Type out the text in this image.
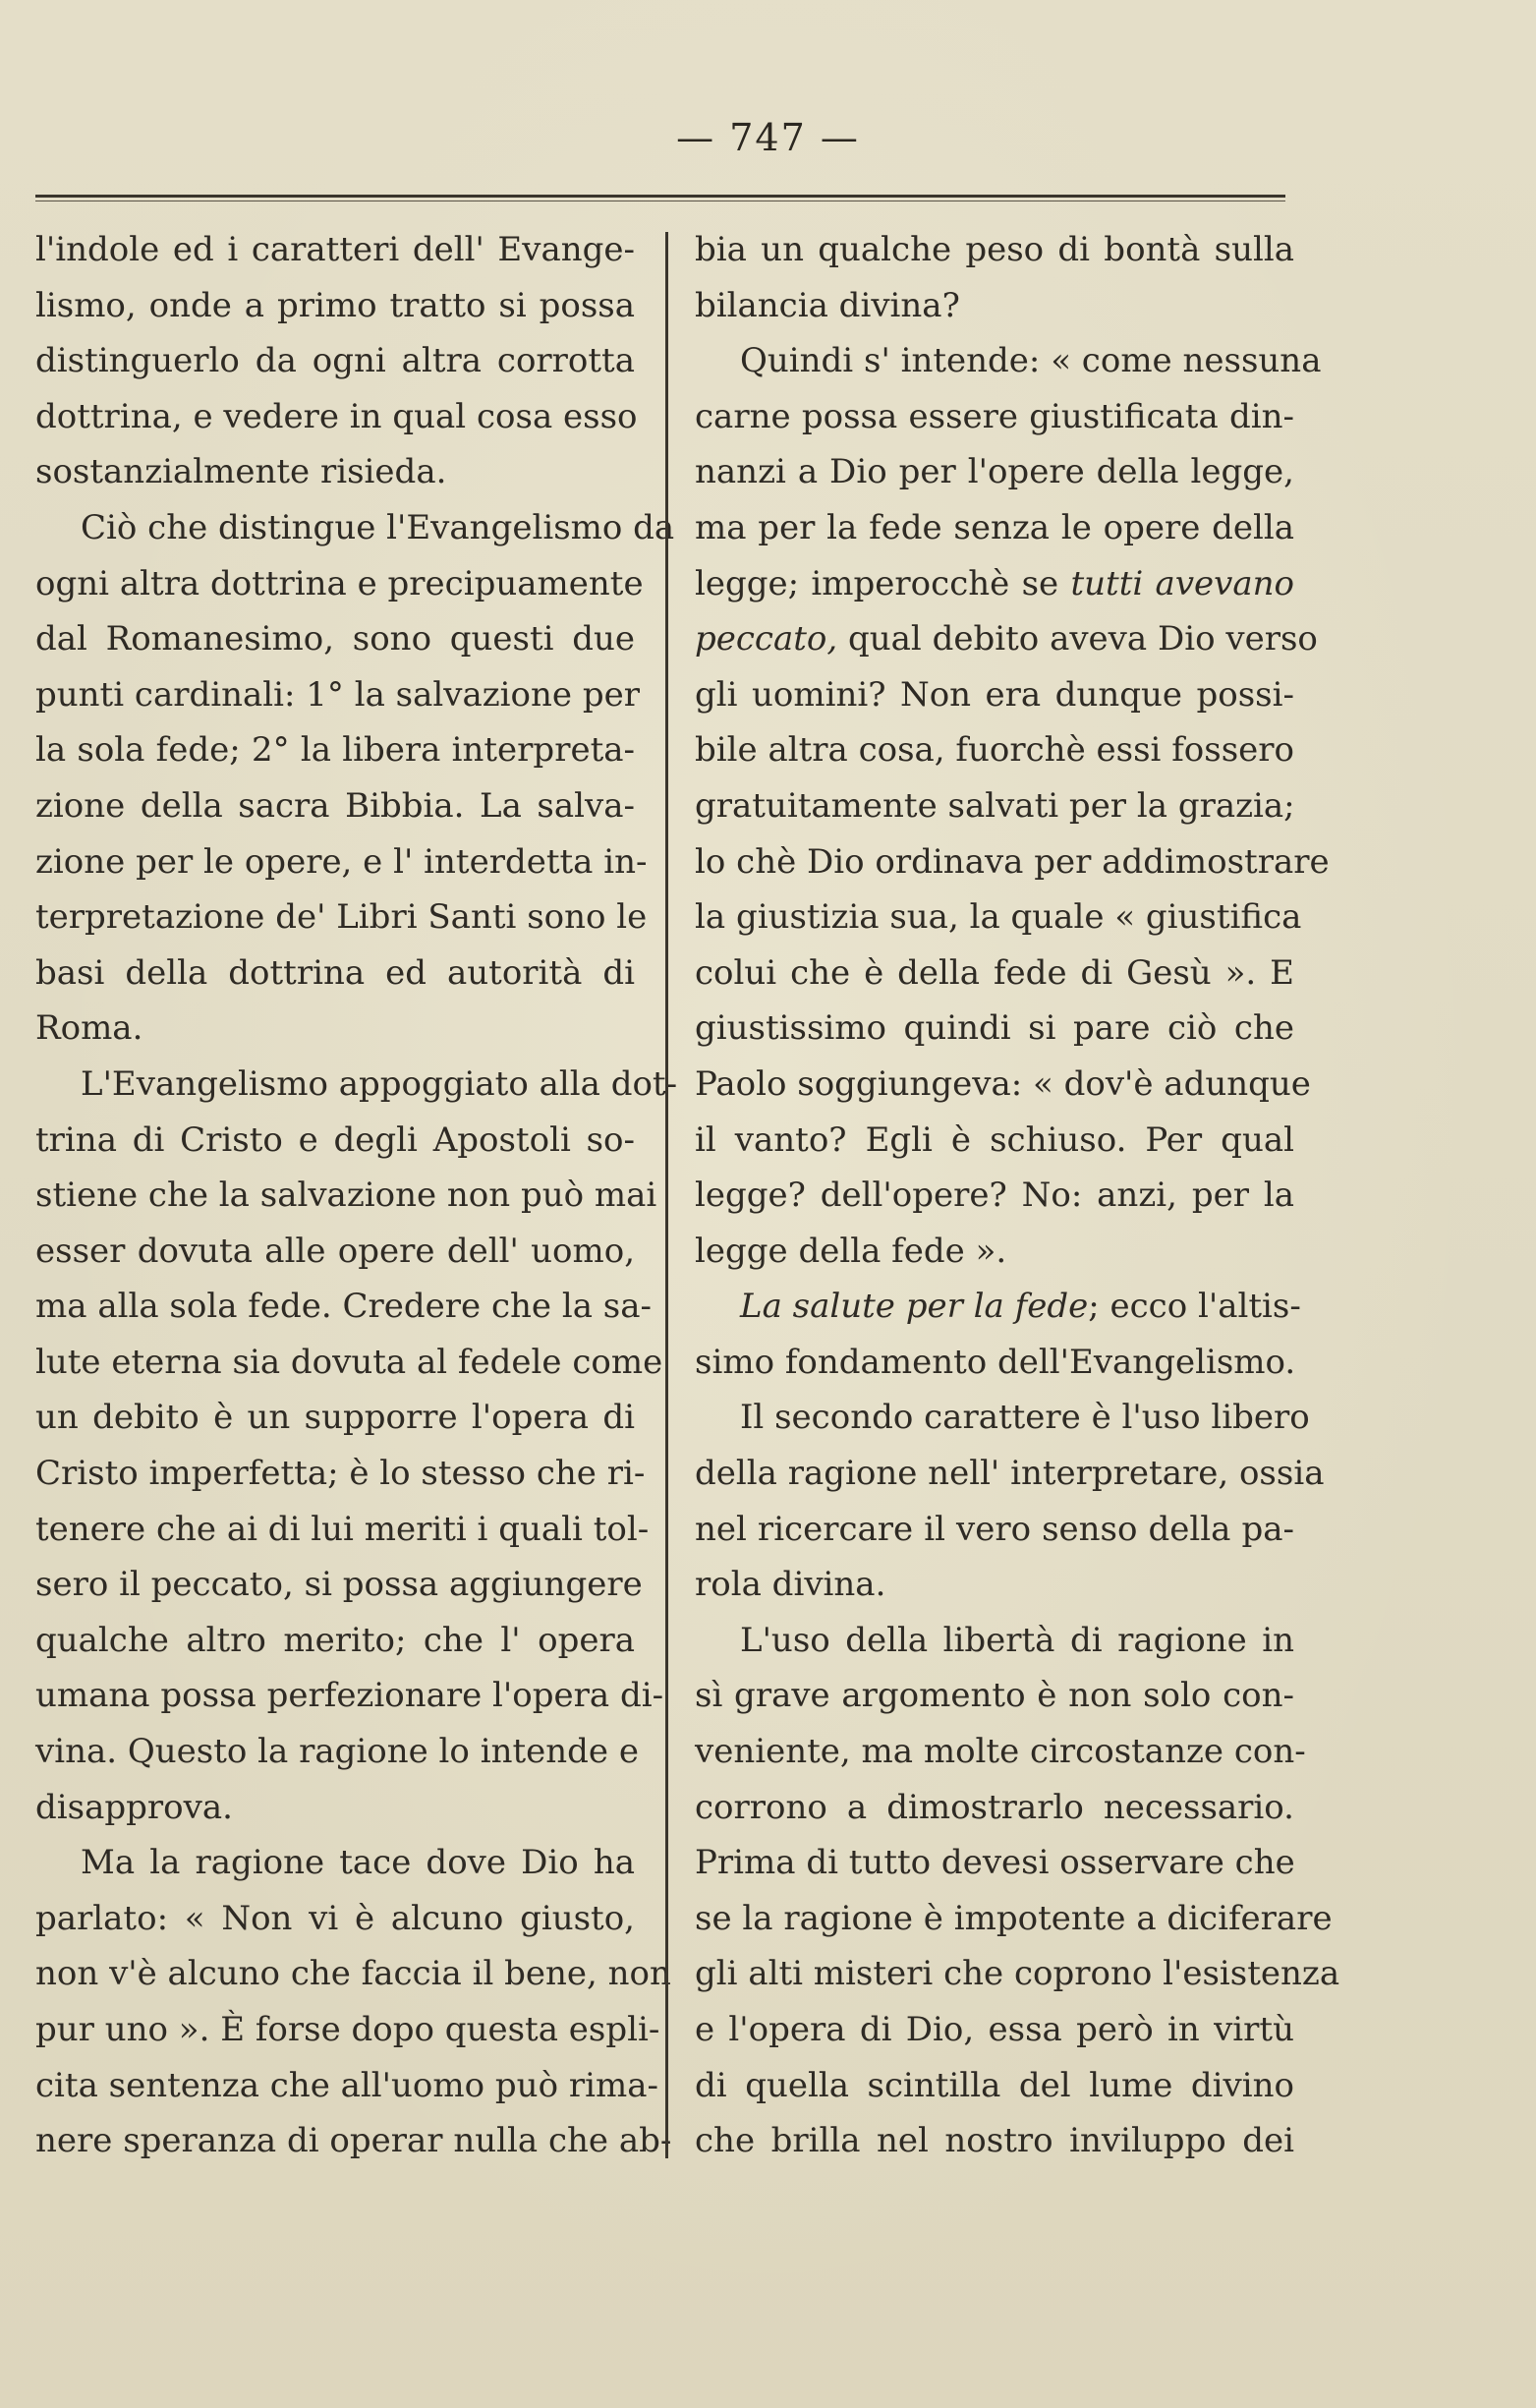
— 747 —
l'indole ed i caratteri dell' Evange-
lismo, onde a primo tratto si possa
distinguerlo da ogni altra corrotta
dottrina, e vedere in qual cosa esso
sostanzialmente risieda.
Ciò che distingue l'Evangelismo da
ogni altra dottrina e precipuamente
dal Romanesimo, sono questi due
punti cardinali: 1° la salvazione per
la sola fede; 2° la libera interpreta-
zione della sacra Bibbia. La salva-
zione per le opere, e l' interdetta in-
terpretazione de' Libri Santi sono le
basi della dottrina ed autorità di
Roma.
L'Evangelismo appoggiato alla dot-
trina di Cristo e degli Apostoli so-
stiene che la salvazione non può mai
esser dovuta alle opere dell' uomo,
ma alla sola fede. Credere che la sa-
lute eterna sia dovuta al fedele come
un debito è un supporre l'opera di
Cristo imperfetta; è lo stesso che ri-
tenere che ai di lui meriti i quali tol-
sero il peccato, si possa aggiungere
qualche altro merito; che l' opera
umana possa perfezionare l'opera di-
vina. Questo la ragione lo intende e
disapprova.
Ma la ragione tace dove Dio ha
parlato: « Non vi è alcuno giusto,
non v'è alcuno che faccia il bene, non
pur uno ». È forse dopo questa espli-
cita sentenza che all'uomo può rima-
nere speranza di operar nulla che ab-
bia un qualche peso di bontà sulla
bilancia divina?
Quindi s' intende: « come nessuna
carne possa essere giustificata din-
nanzi a Dio per l'opere della legge,
ma per la fede senza le opere della
legge; imperocchè se tutti avevano
peccato, qual debito aveva Dio verso
gli uomini? Non era dunque possi-
bile altra cosa, fuorchè essi fossero
gratuitamente salvati per la grazia;
lo chè Dio ordinava per addimostrare
la giustizia sua, la quale « giustifica
colui che è della fede di Gesù ». E
giustissimo quindi si pare ciò che
Paolo soggiungeva: « dov'è adunque
il vanto? Egli è schiuso. Per qual
legge? dell'opere? No: anzi, per la
legge della fede ».
La salute per la fede; ecco l'altis-
simo fondamento dell'Evangelismo.
Il secondo carattere è l'uso libero
della ragione nell' interpretare, ossia
nel ricercare il vero senso della pa-
rola divina.
L'uso della libertà di ragione in
sì grave argomento è non solo con-
veniente, ma molte circostanze con-
corrono a dimostrarlo necessario.
Prima di tutto devesi osservare che
se la ragione è impotente a diciferare
gli alti misteri che coprono l'esistenza
e l'opera di Dio, essa però in virtù
di quella scintilla del lume divino
che brilla nel nostro inviluppo dei
